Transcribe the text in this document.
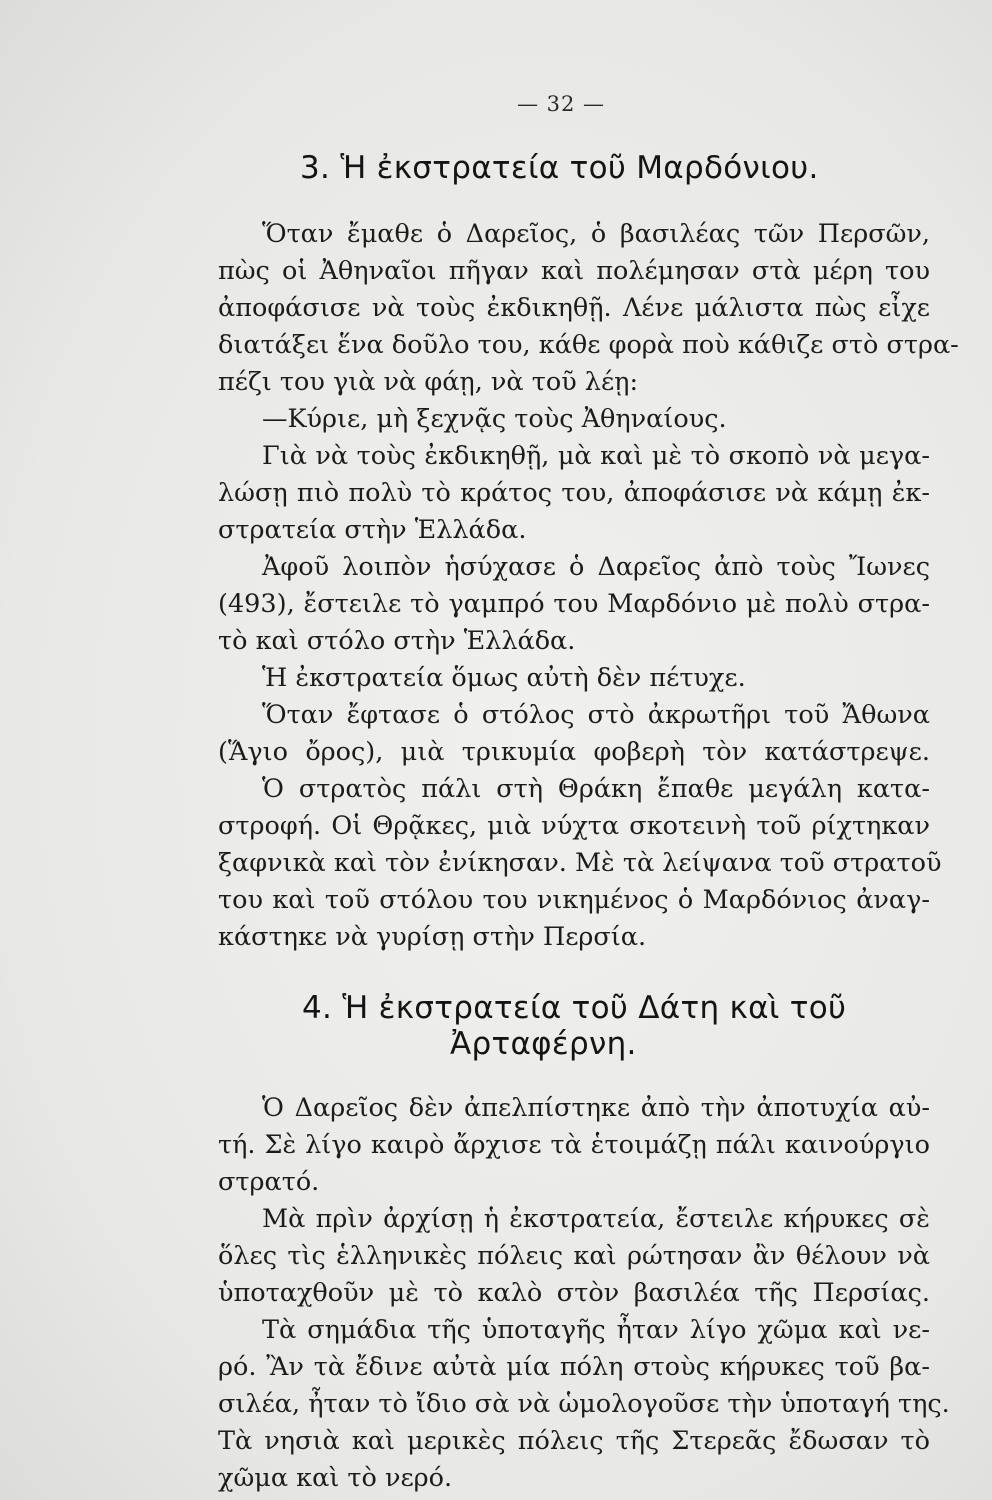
— 32 —
3. Ἡ ἐκστρατεία τοῦ Μαρδόνιου.
Ὅταν ἔμαθε ὁ Δαρεῖος, ὁ βασιλέας τῶν Περσῶν,
πὼς οἱ Ἀθηναῖοι πῆγαν καὶ πολέμησαν στὰ μέρη του
ἀποφάσισε νὰ τοὺς ἐκδικηθῇ. Λένε μάλιστα πὼς εἶχε
διατάξει ἕνα δοῦλο του, κάθε φορὰ ποὺ κάθιζε στὸ στρα-
πέζι του γιὰ νὰ φάῃ, νὰ τοῦ λέῃ:
—Κύριε, μὴ ξεχνᾷς τοὺς Ἀθηναίους.
Γιὰ νὰ τοὺς ἐκδικηθῇ, μὰ καὶ μὲ τὸ σκοπὸ νὰ μεγα-
λώσῃ πιὸ πολὺ τὸ κράτος του, ἀποφάσισε νὰ κάμῃ ἐκ-
στρατεία στὴν Ἑλλάδα.
Ἀφοῦ λοιπὸν ἡσύχασε ὁ Δαρεῖος ἀπὸ τοὺς Ἴωνες
(493), ἔστειλε τὸ γαμπρό του Μαρδόνιο μὲ πολὺ στρα-
τὸ καὶ στόλο στὴν Ἑλλάδα.
Ἡ ἐκστρατεία ὅμως αὐτὴ δὲν πέτυχε.
Ὅταν ἔφτασε ὁ στόλος στὸ ἀκρωτῆρι τοῦ Ἄθωνα
(Ἅγιο ὄρος), μιὰ τρικυμία φοβερὴ τὸν κατάστρεψε.
Ὁ στρατὸς πάλι στὴ Θράκη ἔπαθε μεγάλη κατα-
στροφή. Οἱ Θρᾷκες, μιὰ νύχτα σκοτεινὴ τοῦ ρίχτηκαν
ξαφνικὰ καὶ τὸν ἐνίκησαν. Μὲ τὰ λείψανα τοῦ στρατοῦ
του καὶ τοῦ στόλου του νικημένος ὁ Μαρδόνιος ἀναγ-
κάστηκε νὰ γυρίσῃ στὴν Περσία.
4. Ἡ ἐκστρατεία τοῦ Δάτη καὶ τοῦ
Ἀρταφέρνη.
Ὁ Δαρεῖος δὲν ἀπελπίστηκε ἀπὸ τὴν ἀποτυχία αὐ-
τή. Σὲ λίγο καιρὸ ἄρχισε τὰ ἑτοιμάζῃ πάλι καινούργιο
στρατό.
Μὰ πρὶν ἀρχίσῃ ἡ ἐκστρατεία, ἔστειλε κήρυκες σὲ
ὅλες τὶς ἑλληνικὲς πόλεις καὶ ρώτησαν ἂν θέλουν νὰ
ὑποταχθοῦν μὲ τὸ καλὸ στὸν βασιλέα τῆς Περσίας.
Τὰ σημάδια τῆς ὑποταγῆς ἦταν λίγο χῶμα καὶ νε-
ρό. Ἂν τὰ ἔδινε αὐτὰ μία πόλη στοὺς κήρυκες τοῦ βα-
σιλέα, ἦταν τὸ ἴδιο σὰ νὰ ὡμολογοῦσε τὴν ὑποταγή της.
Τὰ νησιὰ καὶ μερικὲς πόλεις τῆς Στερεᾶς ἔδωσαν τὸ
χῶμα καὶ τὸ νερό.
